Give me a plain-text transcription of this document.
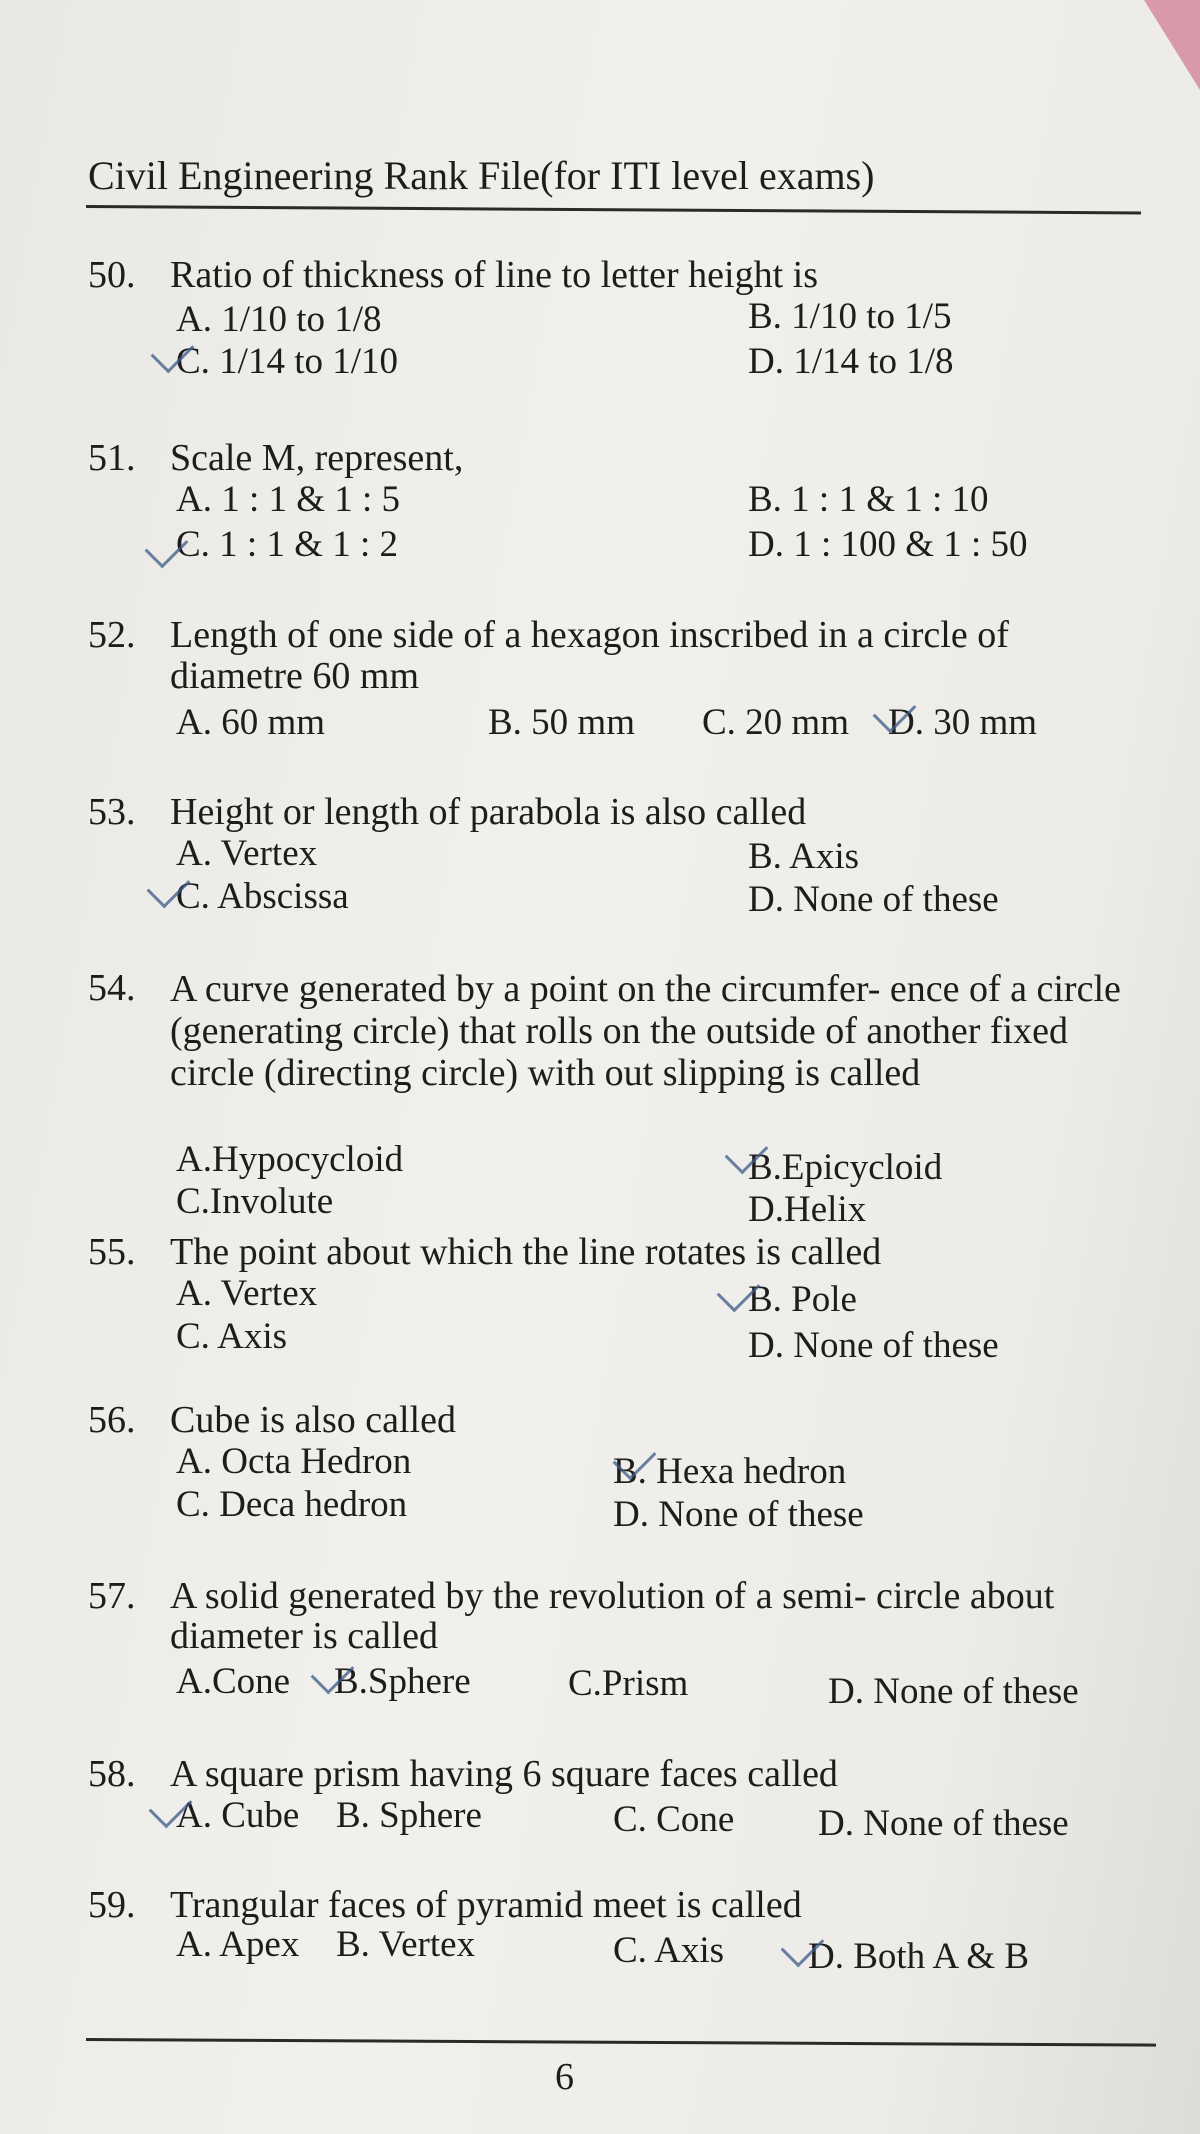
Civil Engineering Rank File(for ITI level exams)
50. Ratio of thickness of line to letter height is
A. 1/10 to 1/8	B. 1/10 to 1/5
C. 1/14 to 1/10	D. 1/14 to 1/8
51. Scale M, represent,
A. 1 : 1 & 1 : 5	B. 1 : 1 & 1 : 10
C. 1 : 1 & 1 : 2	D. 1 : 100 & 1 : 50
52. Length of one side of a hexagon inscribed in a circle of diametre 60 mm
A. 60 mm	B. 50 mm C. 20 mm D. 30 mm
53. Height or length of parabola is also called
A. Vertex	B. Axis
C. Abscissa	D. None of these
54. A curve generated by a point on the circumfer- ence of a circle (generating circle) that rolls on the outside of another fixed circle (directing circle) with out slipping is called
A.Hypocycloid	B.Epicycloid
C.Involute	D.Helix
55. The point about which the line rotates is called
A. Vertex	B. Pole
C. Axis	D. None of these
56. Cube is also called
A. Octa Hedron	B. Hexa hedron
C. Deca hedron	D. None of these
57. A solid generated by the revolution of a semi- circle about diameter is called
A.Cone B.Sphere	C.Prism	D. None of these
58. A square prism having 6 square faces called
A. Cube B. Sphere	C. Cone D. None of these
59. Trangular faces of pyramid meet is called
A. Apex B. Vertex	C. Axis D. Both A & B
6
